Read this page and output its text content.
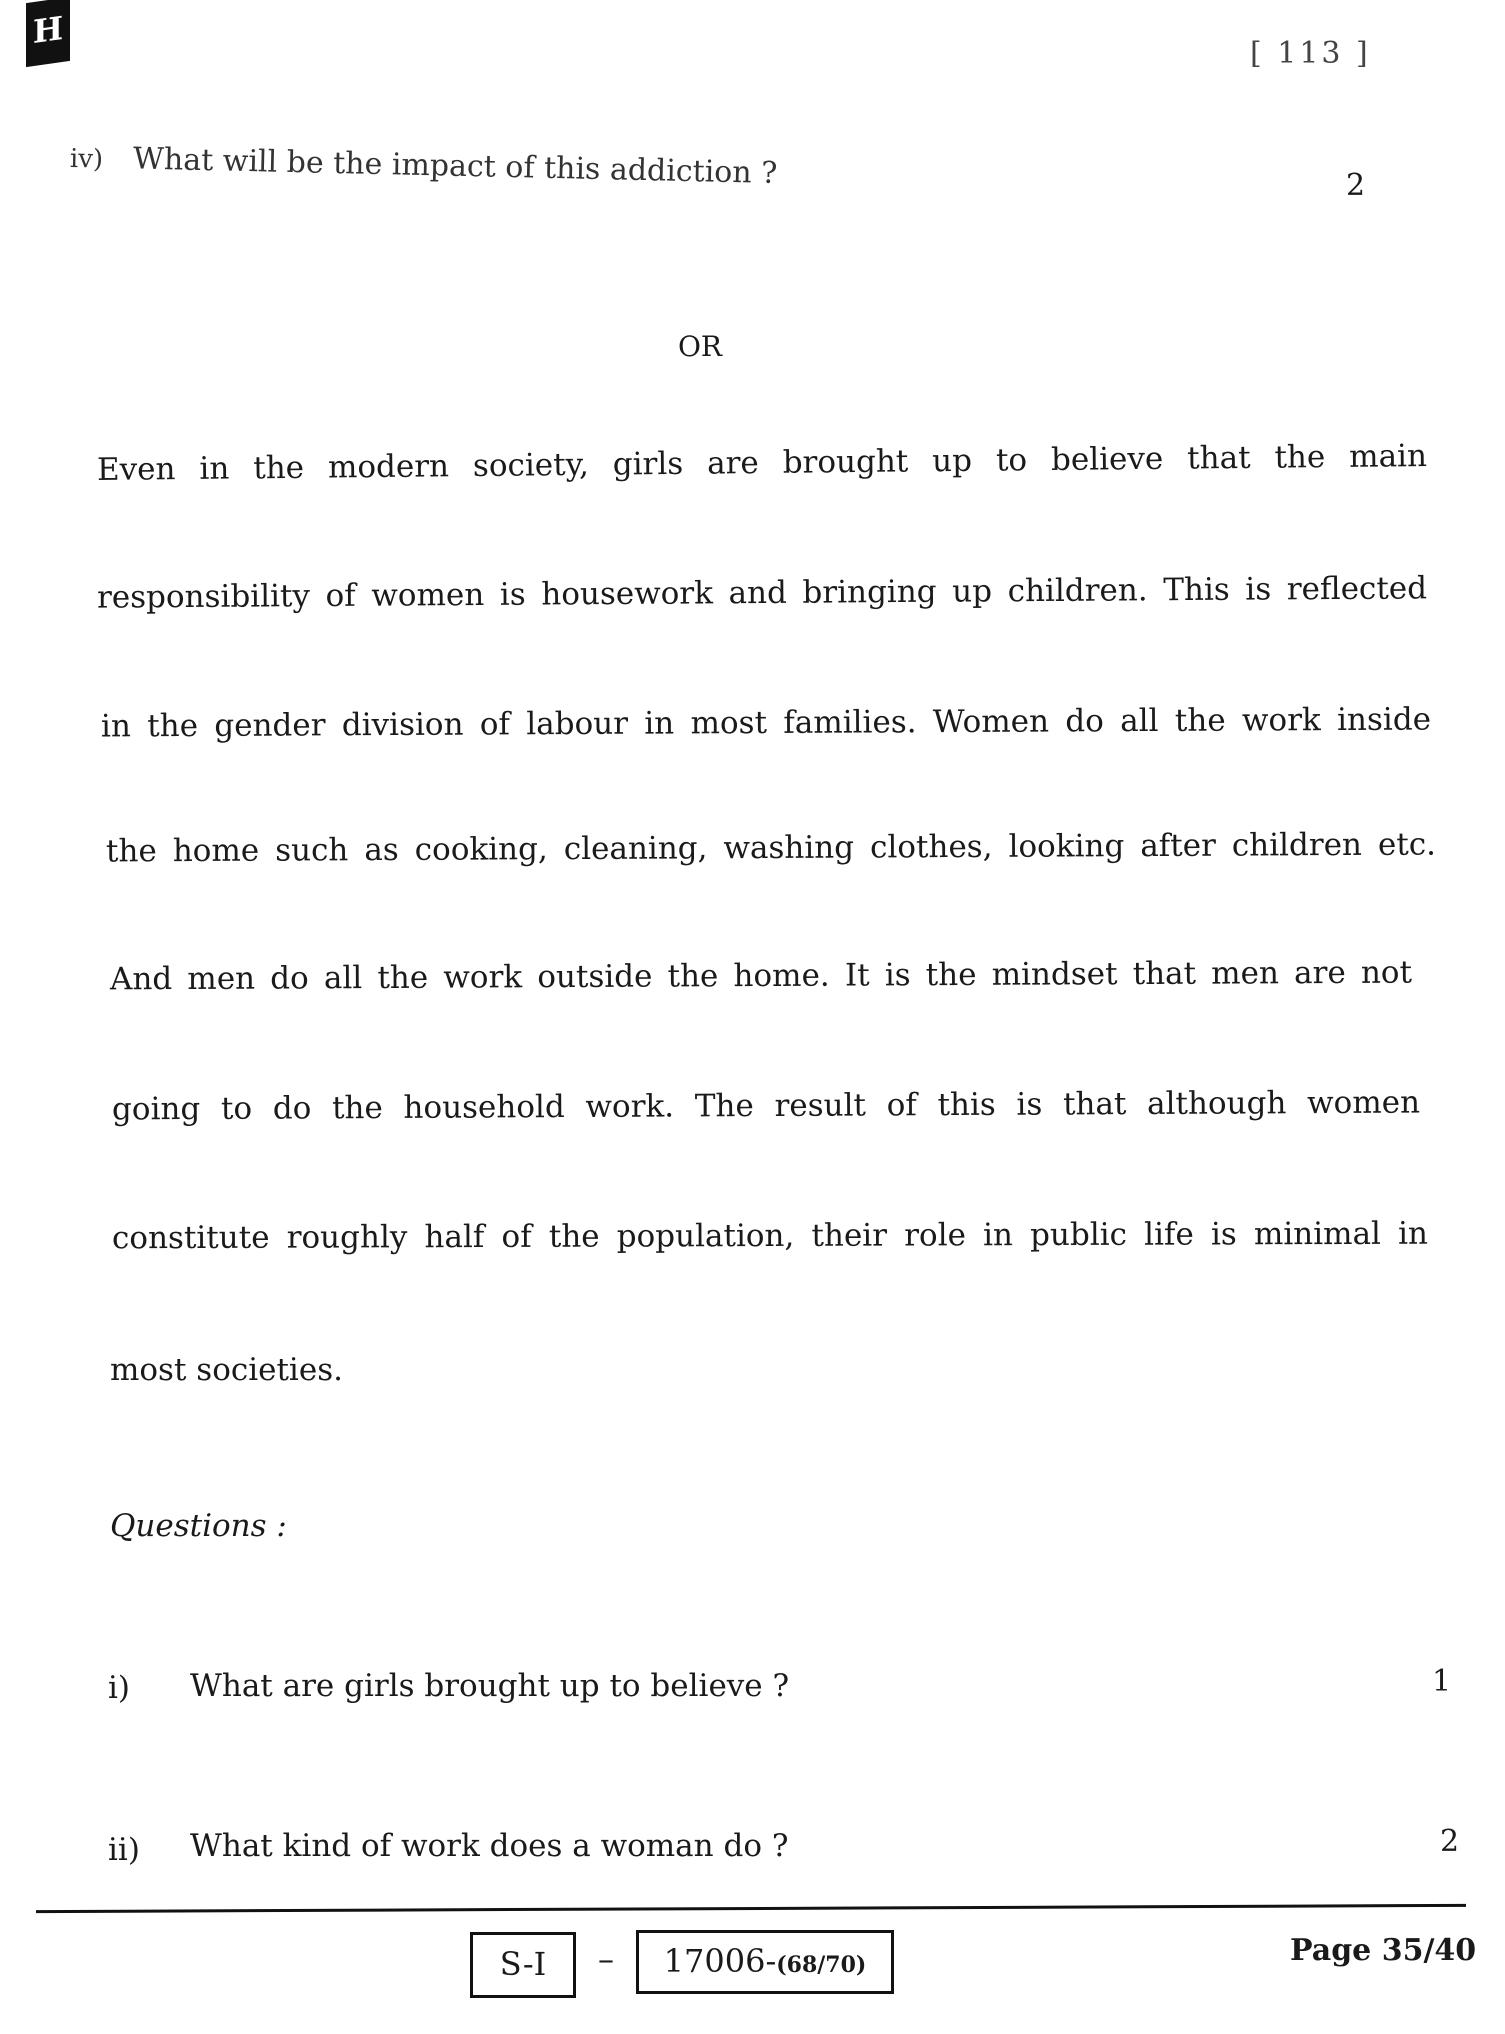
H
[ 113 ]
iv) What will be the impact of this addiction ?	2
OR
Even in the modern society, girls are brought up to believe that the main
responsibility of women is housework and bringing up children. This is reflected
in the gender division of labour in most families. Women do all the work inside
the home such as cooking, cleaning, washing clothes, looking after children etc.
And men do all the work outside the home. It is the mindset that men are not
going to do the household work. The result of this is that although women
constitute roughly half of the population, their role in public life is minimal in
most societies.
Questions :
i) What are girls brought up to believe ?	1
ii) What kind of work does a woman do ?	2
S-I	–	17006-(68/70)	Page 35/40
